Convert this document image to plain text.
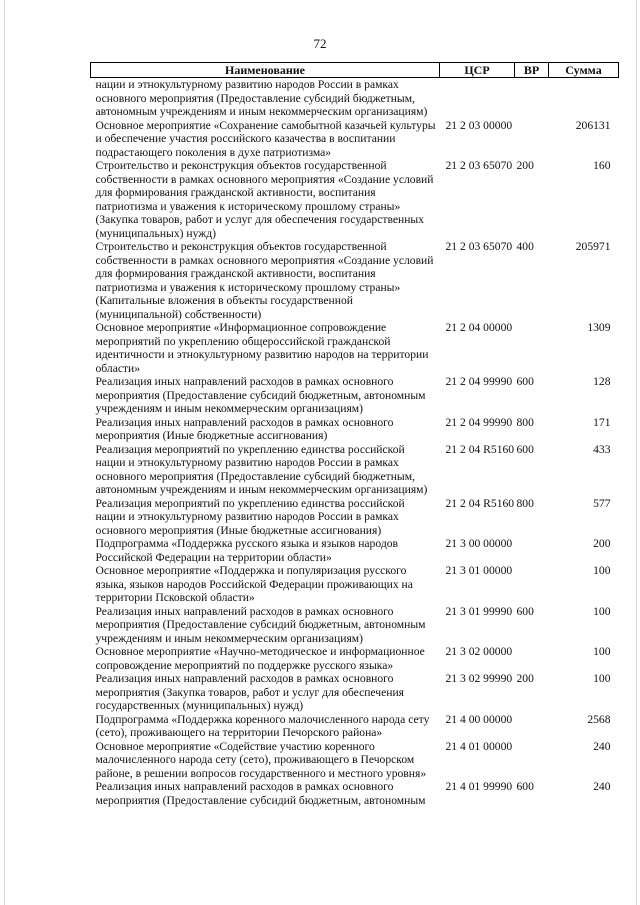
72
Наименование	ЦСР	ВР	Сумма
нации и этнокультурному развитию народов России в рамках основного мероприятия (Предоставление субсидий бюджетным, автономным учреждениям и иным некоммерческим организациям)			
Основное мероприятие «Сохранение самобытной казачьей культуры и обеспечение участия российского казачества в воспитании подрастающего поколения в духе патриотизма»	21 2 03 00000		206131
Строительство и реконструкция объектов государственной собственности в рамках основного мероприятия «Создание условий для формирования гражданской активности, воспитания патриотизма и уважения к историческому прошлому страны» (Закупка товаров, работ и услуг для обеспечения государственных (муниципальных) нужд)	21 2 03 65070	200	160
Строительство и реконструкция объектов государственной собственности в рамках основного мероприятия «Создание условий для формирования гражданской активности, воспитания патриотизма и уважения к историческому прошлому страны» (Капитальные вложения в объекты государственной (муниципальной) собственности)	21 2 03 65070	400	205971
Основное мероприятие «Информационное сопровождение мероприятий по укреплению общероссийской гражданской идентичности и этнокультурному развитию народов на территории области»	21 2 04 00000		1309
Реализация иных направлений расходов в рамках основного мероприятия (Предоставление субсидий бюджетным, автономным учреждениям и иным некоммерческим организациям)	21 2 04 99990	600	128
Реализация иных направлений расходов в рамках основного мероприятия (Иные бюджетные ассигнования)	21 2 04 99990	800	171
Реализация мероприятий по укреплению единства российской нации и этнокультурному развитию народов России в рамках основного мероприятия (Предоставление субсидий бюджетным, автономным учреждениям и иным некоммерческим организациям)	21 2 04 R5160	600	433
Реализация мероприятий по укреплению единства российской нации и этнокультурному развитию народов России в рамках основного мероприятия (Иные бюджетные ассигнования)	21 2 04 R5160	800	577
Подпрограмма «Поддержка русского языка и языков народов Российской Федерации на территории области»	21 3 00 00000		200
Основное мероприятие «Поддержка и популяризация русского языка, языков народов Российской Федерации проживающих на территории Псковской области»	21 3 01 00000		100
Реализация иных направлений расходов в рамках основного мероприятия (Предоставление субсидий бюджетным, автономным учреждениям и иным некоммерческим организациям)	21 3 01 99990	600	100
Основное мероприятие «Научно-методическое и информационное сопровождение мероприятий по поддержке русского языка»	21 3 02 00000		100
Реализация иных направлений расходов в рамках основного мероприятия (Закупка товаров, работ и услуг для обеспечения государственных (муниципальных) нужд)	21 3 02 99990	200	100
Подпрограмма «Поддержка коренного малочисленного народа сету (сето), проживающего на территории Печорского района»	21 4 00 00000		2568
Основное мероприятие «Содействие участию коренного малочисленного народа сету (сето), проживающего в Печорском районе, в решении вопросов государственного и местного уровня»	21 4 01 00000		240
Реализация иных направлений расходов в рамках основного мероприятия (Предоставление субсидий бюджетным, автономным	21 4 01 99990	600	240
